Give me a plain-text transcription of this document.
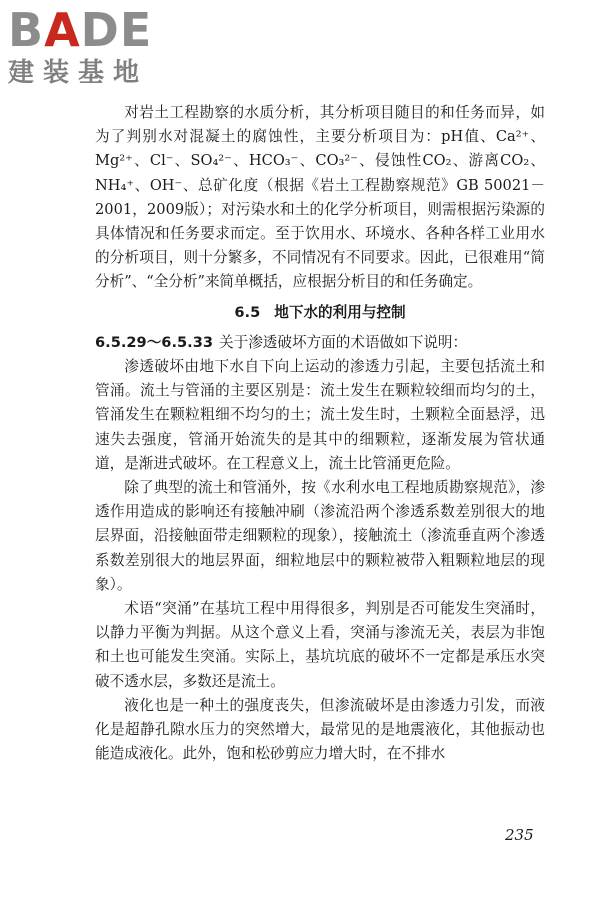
BADE
建装基地

对岩土工程勘察的水质分析，其分析项目随目的和任务而异，如为了判别水对混凝土的腐蚀性，主要分析项目为：pH值、Ca²⁺、Mg²⁺、Cl⁻、SO₄²⁻、HCO₃⁻、CO₃²⁻、侵蚀性CO₂、游离CO₂、NH₄⁺、OH⁻、总矿化度（根据《岩土工程勘察规范》GB 50021－2001，2009版）；对污染水和土的化学分析项目，则需根据污染源的具体情况和任务要求而定。至于饮用水、环境水、各种各样工业用水的分析项目，则十分繁多，不同情况有不同要求。因此，已很难用“简分析”、“全分析”来简单概括，应根据分析目的和任务确定。

6.5 地下水的利用与控制

6.5.29～6.5.33 关于渗透破坏方面的术语做如下说明：

渗透破坏由地下水自下向上运动的渗透力引起，主要包括流土和管涌。流土与管涌的主要区别是：流土发生在颗粒较细而均匀的土，管涌发生在颗粒粗细不均匀的土；流土发生时，土颗粒全面悬浮，迅速失去强度，管涌开始流失的是其中的细颗粒，逐渐发展为管状通道，是渐进式破坏。在工程意义上，流土比管涌更危险。

除了典型的流土和管涌外，按《水利水电工程地质勘察规范》，渗透作用造成的影响还有接触冲刷（渗流沿两个渗透系数差别很大的地层界面，沿接触面带走细颗粒的现象），接触流土（渗流垂直两个渗透系数差别很大的地层界面，细粒地层中的颗粒被带入粗颗粒地层的现象）。

术语“突涌”在基坑工程中用得很多，判别是否可能发生突涌时，以静力平衡为判据。从这个意义上看，突涌与渗流无关，表层为非饱和土也可能发生突涌。实际上，基坑坑底的破坏不一定都是承压水突破不透水层，多数还是流土。

液化也是一种土的强度丧失，但渗流破坏是由渗透力引发，而液化是超静孔隙水压力的突然增大，最常见的是地震液化，其他振动也能造成液化。此外，饱和松砂剪应力增大时，在不排水

235
